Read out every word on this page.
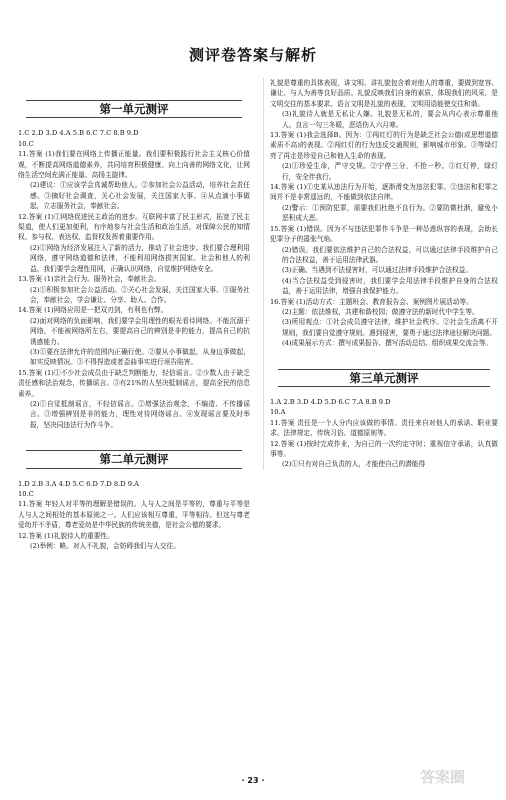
测评卷答案与解析
第一单元测评

1.C 2.D 3.D 4.A 5.B 6.C 7.C 8.B 9.D

10.C

11.答案 (1)我们要在网络上传播正能量。我们要积极践行社会主义核心价值观，不断提高网络道德素养，共同培育积极健康、向上向善的网络文化，让网络生活空间充满正能量、高扬主旋律。

(2)建议：①应该学会真诚帮助他人。②参加社会公益活动，培养社会责任感。③摘好社会调查，关心社会发展，关注国家大事。④从点滴小事做起，立志服务社会，奉献社会。

12.答案 (1)①网络促进民主政治的进步。互联网丰富了民主形式，拓宽了民主渠道，使人们更加便利，有序地参与社会生活和政治生活，对保障公民的知情权、参与权、表达权、监督权发挥着重要作用。

(2)①网络为经济发展注入了新的活力，推动了社会进步。我们要合理利用网络，遵守网络道德和法律，不能利用网络损害国家、社会和他人的利益。我们要学会理性用网，正确认识网络，自觉维护网络安全。

13.答案 (1)亲社会行为。服务社会，奉献社会。

(2)①积极参加社会公益活动。②关心社会发展，关注国家大事。③服务社会，奉献社会，学会谦让、分享、助人、合作。

14.答案 (1)网络应用是一把双刃剑，有利也有弊。

(2)面对网络的负面影响，我们要学会用理性的眼光看待网络。不能沉溺于网络，不能被网络所左右，要提高自己的辨别是非的能力，提高自己的抗诱惑能力。

(3)①要在法律允许的范围内正确行使。②要从小事做起，从身边事做起，如实反映情况。③不得捏造或者歪曲事实进行诬告陷害。

15.答案 (1)①不少社会成员由于缺乏判断能力，轻信谣言。②少数人由于缺乏责任感和法治观念，传播谣言。③有21%的人坚决抵制谣言，提高全民的信息素养。

(2)①自觉抵制谣言，不轻信谣言。②增强法治观念，不编造、不传播谣言。③增强辨别是非的能力，理性对待网络谣言。④发现谣言要及时举报，坚决同违法行为作斗争。

第二单元测评

1.D 2.B 3.A 4.D 5.C 6.D 7.D 8.D 9.A

10.C

11.答案 年轻人对平等的理解是错误的。人与人之间是平等的，尊重与平等是人与人之间相处的基本原则之一。人们应该相互尊重，平等相待。但这与尊老爱幼并不矛盾，尊老爱幼是中华民族的传统美德，是社会公德的要求。

12.答案 (1)礼貌待人的重要性。

(2)举例：略。对人不礼貌，会妨碍我们与人交往。

礼貌是尊重的具体表现，讲文明、讲礼貌包含着对他人的尊重，要做到宽容、谦让、与人为善等良好品质。礼貌反映我们自身的素质，体现我们的风采，是文明交往的基本要求。语言文明是礼貌的表现，文明用语能使交往和谐。

(3)礼貌待人就是无私让人嫌。礼貌是无私的，要会从内心表示尊重他人。良言一句三冬暖，恶语伤人六月寒。

13.答案 (1)我会选择B。因为：①闯红灯的行为是缺乏社会公德(或思想道德素质不高)的表现。②闯红灯的行为违反交通规则，影响城市形象。③等绿灯亮了再走是珍爱自己和他人生命的表现。

(2)①珍爱生命，严守交规。②宁停三分，不抢一秒。③红灯停，绿灯行，安全伴我行。

14.答案 (1)①史某从违法行为开始，逐渐滑变为违法犯罪。②违法和犯罪之间并不是非常遥远的，不能做到依法自律。

(2)警示：①预防犯罪，需要我们杜绝不良行为。②要防微杜渐，避免小恶积成大恶。

15.答案 (1)错误。因为不与违法犯罪作斗争是一种怂恿纵容的表现，会助长犯罪分子的嚣张气焰。

(2)错误。我们要依法维护自己的合法权益，可以通过法律手段维护自己的合法权益，善于运用法律武器。

(3)正确。当遇到不法侵害时，可以通过法律手段维护合法权益。

(4)当合法权益受到侵害时，我们要学会用法律手段维护自身的合法权益，善于运用法律，增强自我保护能力。

16.答案 (1)活动方式：主题班会、教育报告会、案例图片展活动等。

(2)主题：依法维权，共建和谐校园；做遵守法的新时代中学生等。

(3)所用观点：①社会成员遵守法律，维护社会秩序。②社会生活离不开规则，我们要自觉遵守规则。遇到侵害，要勇于通过法律途径解决问题。

(4)成果展示方式：撰写成果报告、撰写活动总结、组织成果交流会等。

第三单元测评

1.A 2.B 3.D 4.D 5.D 6.C 7.A 8.B 9.D

10.A

11.答案 责任是一个人分内应该做的事情。责任来自对他人的承诺、职业要求、法律规定、传统习俗、道德原则等。

12.答案 (1)按时完成作业，为自己的一次约定守时；重视信守承诺，认真做事等。

(2)①只有对自己负责的人，才能使自己的潜能得

· 23 ·	答案圈
